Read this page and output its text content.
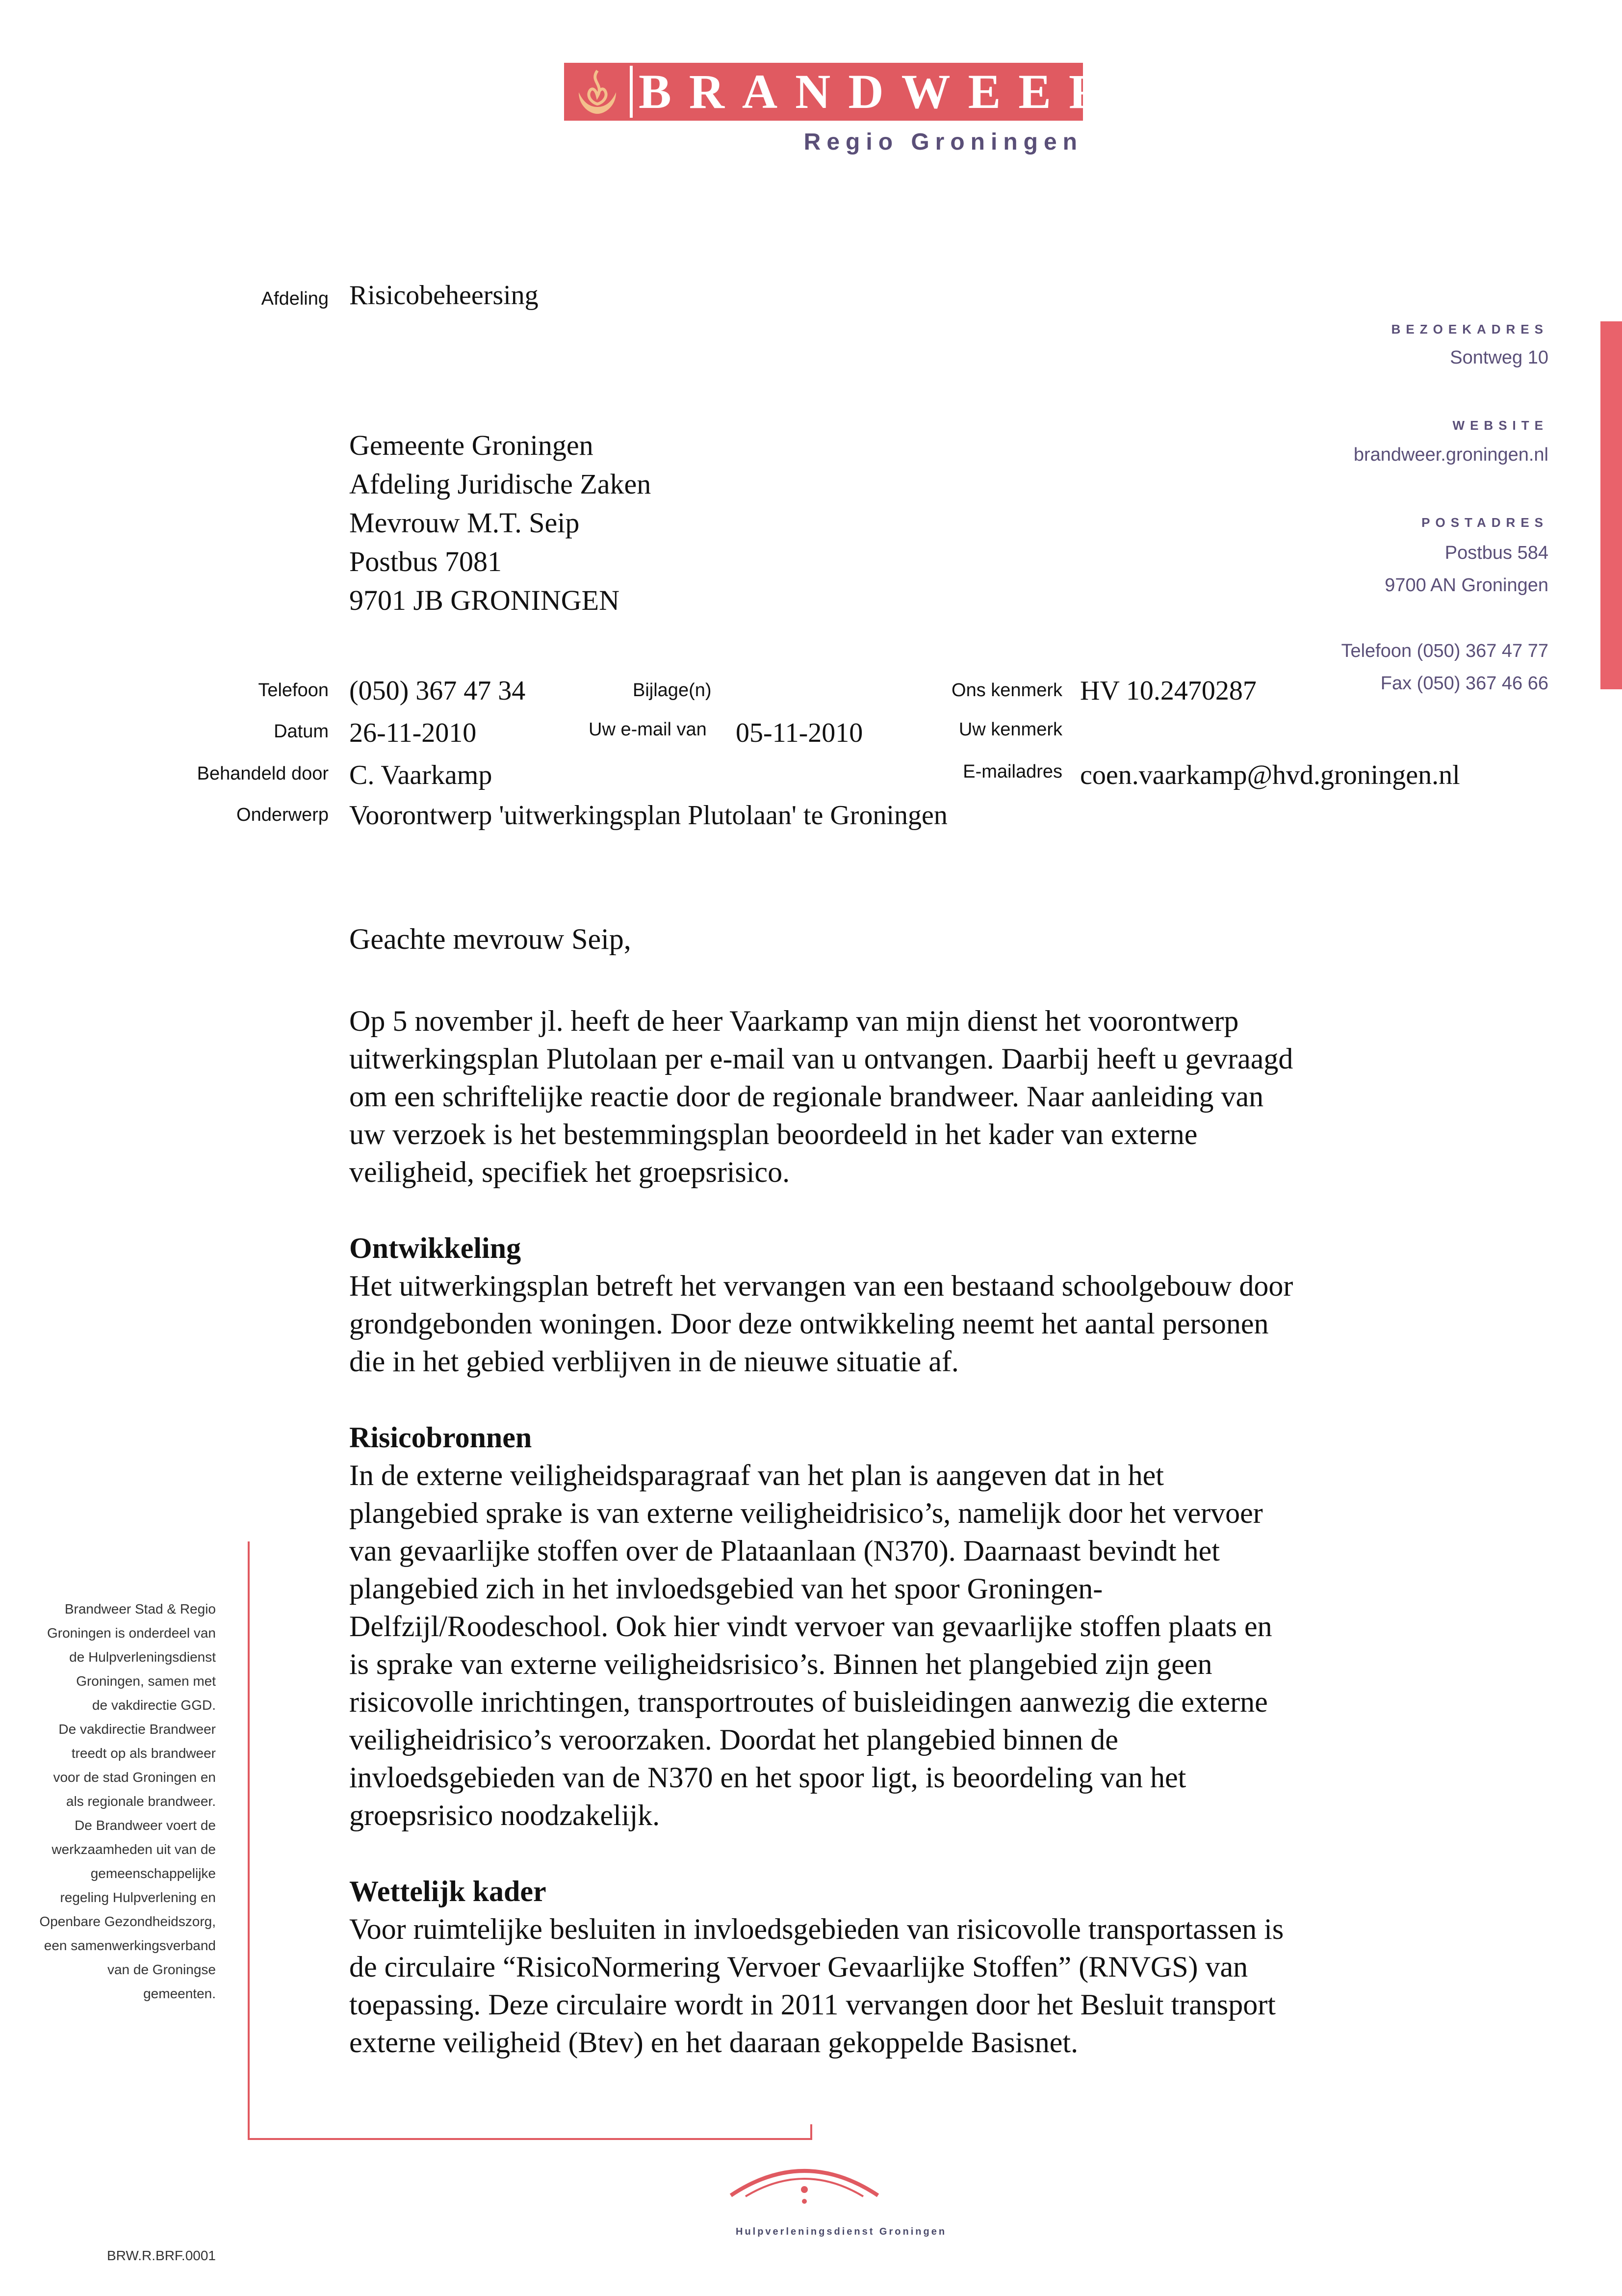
BRANDWEER
Regio Groningen
Afdeling Risicobeheersing
BEZOEKADRES
Sontweg 10
WEBSITE
brandweer.groningen.nl
POSTADRES
Postbus 584
9700 AN Groningen
Telefoon (050) 367 47 77
Fax (050) 367 46 66
Gemeente Groningen
Afdeling Juridische Zaken
Mevrouw M.T. Seip
Postbus 7081
9701 JB GRONINGEN
Telefoon (050) 367 47 34	Bijlage(n)	Ons kenmerk HV 10.2470287
Datum 26-11-2010	Uw e-mail van 05-11-2010	Uw kenmerk
Behandeld door C. Vaarkamp	E-mailadres coen.vaarkamp@hvd.groningen.nl
Onderwerp Voorontwerp 'uitwerkingsplan Plutolaan' te Groningen

Geachte mevrouw Seip,

Op 5 november jl. heeft de heer Vaarkamp van mijn dienst het voorontwerp
uitwerkingsplan Plutolaan per e-mail van u ontvangen. Daarbij heeft u gevraagd
om een schriftelijke reactie door de regionale brandweer. Naar aanleiding van
uw verzoek is het bestemmingsplan beoordeeld in het kader van externe
veiligheid, specifiek het groepsrisico.

Ontwikkeling

Het uitwerkingsplan betreft het vervangen van een bestaand schoolgebouw door
grondgebonden woningen. Door deze ontwikkeling neemt het aantal personen
die in het gebied verblijven in de nieuwe situatie af.

Risicobronnen

In de externe veiligheidsparagraaf van het plan is aangeven dat in het
plangebied sprake is van externe veiligheidrisico’s, namelijk door het vervoer
van gevaarlijke stoffen over de Plataanlaan (N370). Daarnaast bevindt het
plangebied zich in het invloedsgebied van het spoor Groningen-
Delfzijl/Roodeschool. Ook hier vindt vervoer van gevaarlijke stoffen plaats en
is sprake van externe veiligheidsrisico’s. Binnen het plangebied zijn geen
risicovolle inrichtingen, transportroutes of buisleidingen aanwezig die externe
veiligheidrisico’s veroorzaken. Doordat het plangebied binnen de
invloedsgebieden van de N370 en het spoor ligt, is beoordeling van het
groepsrisico noodzakelijk.

Wettelijk kader

Voor ruimtelijke besluiten in invloedsgebieden van risicovolle transportassen is
de circulaire “RisicoNormering Vervoer Gevaarlijke Stoffen” (RNVGS) van
toepassing. Deze circulaire wordt in 2011 vervangen door het Besluit transport
externe veiligheid (Btev) en het daaraan gekoppelde Basisnet.

Brandweer Stad & Regio
Groningen is onderdeel van
de Hulpverleningsdienst
Groningen, samen met
de vakdirectie GGD.
De vakdirectie Brandweer
treedt op als brandweer
voor de stad Groningen en
als regionale brandweer.
De Brandweer voert de
werkzaamheden uit van de
gemeenschappelijke
regeling Hulpverlening en
Openbare Gezondheidszorg,
een samenwerkingsverband
van de Groningse
gemeenten.
Hulpverleningsdienst Groningen
BRW.R.BRF.0001
